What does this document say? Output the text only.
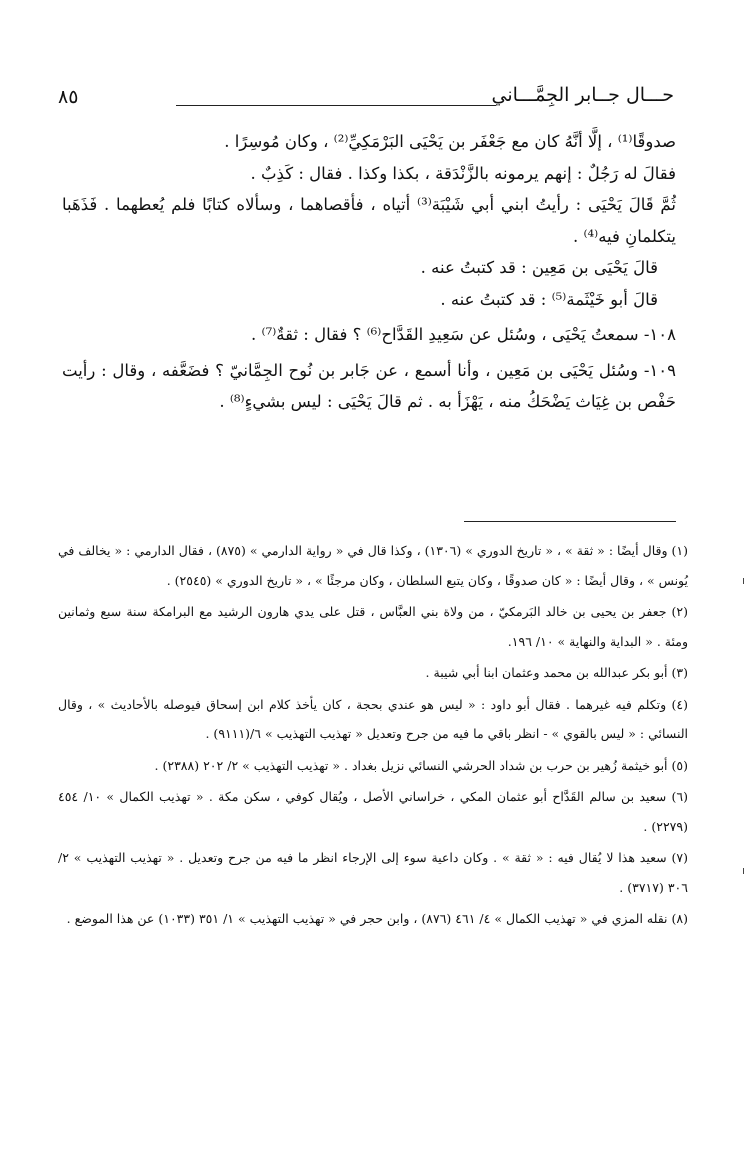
حـــال جــابر الجِمَّـــاني
٨٥

صدوقًا⁽¹⁾ ، إلَّا أنَّهُ كان مع جَعْفَر بن يَحْيَى البَرْمَكِيِّ⁽²⁾ ، وكان مُوسِرًا .

فقالَ له رَجُلٌ : إنهم يرمونه بالزَّنْدَقة ، بكذا وكذا . فقال : كَذِبٌ .

ثُمَّ قَالَ يَحْيَى : رأيتُ ابني أبي شَيْبَة⁽³⁾ أتياه ، فأقصاهما ، وسألاه كتابًا فلم يُعطهما . فَذَهَبا يتكلمانِ فيه⁽⁴⁾ .

قالَ يَحْيَى بن مَعِين : قد كتبتُ عنه .

قالَ أبو خَيْثَمة⁽⁵⁾ : قد كتبتُ عنه .

١٠٨- سمعتُ يَحْيَى ، وسُئل عن سَعِيدِ القَدَّاح⁽⁶⁾ ؟ فقال : ثقةٌ⁽⁷⁾ .

١٠٩- وسُئل يَحْيَى بن مَعِين ، وأنا أسمع ، عن جَابر بن نُوح الجِمَّانيّ ؟ فضَعَّفه ، وقال : رأيت حَفْص بن غِيَاث يَضْحَكُ منه ، يَهْزَأ به . ثم قالَ يَحْيَى : ليس بشيءٍ⁽⁸⁾ .

(١) وقال أيضًا : « ثقة » ، « تاريخ الدوري » (١٣٠٦) ، وكذا قال في « رواية الدارمي » (٨٧٥) ، فقال الدارمي : « يخالف في يُونس » ، وقال أيضًا : « كان صدوقًا ، وكان يتبع السلطان ، وكان مرجئًا » ، « تاريخ الدوري » (٢٥٤٥) .

(٢) جعفر بن يحيى بن خالد البَرمكيّ ، من ولاة بني العبَّاس ، قتل على يدي هارون الرشيد مع البرامكة سنة سبع وثمانين ومئة . « البداية والنهاية » ١٠/ ١٩٦.

(٣) أبو بكر عبدالله بن محمد وعثمان ابنا أبي شيبة .

(٤) وتكلم فيه غيرهما . فقال أبو داود : « ليس هو عندي بحجة ، كان يأخذ كلام ابن إسحاق فيوصله بالأحاديث » ، وقال النسائي : « ليس بالقوي » - انظر باقي ما فيه من جرح وتعديل « تهذيب التهذيب » ٦/(٩١١١) .

(٥) أبو خيثمة زُهير بن حرب بن شداد الحرشي النسائي نزيل بغداد . « تهذيب التهذيب » ٢/ ٢٠٢ (٢٣٨٨) .

(٦) سعيد بن سالم القَدَّاح أبو عثمان المكي ، خراساني الأصل ، ويُقال كوفي ، سكن مكة . « تهذيب الكمال » ١٠/ ٤٥٤ (٢٢٧٩) .

(٧) سعيد هذا لا يُقال فيه : « ثقة » . وكان داعية سوء إلى الإرجاء انظر ما فيه من جرح وتعديل . « تهذيب التهذيب » ٢/ ٣٠٦ (٣٧١٧) .

(٨) نقله المزي في « تهذيب الكمال » ٤/ ٤٦١ (٨٧٦) ، وابن حجر في « تهذيب التهذيب » ١/ ٣٥١ (١٠٣٣) عن هذا الموضع .
